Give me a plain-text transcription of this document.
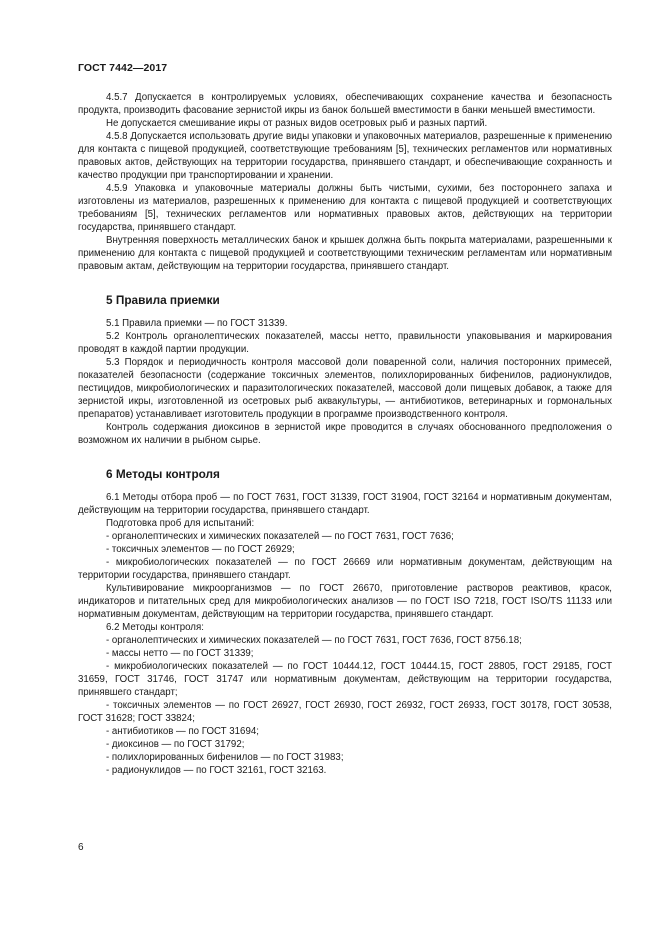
ГОСТ 7442—2017

4.5.7 Допускается в контролируемых условиях, обеспечивающих сохранение качества и безопасность продукта, производить фасование зернистой икры из банок большей вместимости в банки меньшей вместимости.

Не допускается смешивание икры от разных видов осетровых рыб и разных партий.

4.5.8 Допускается использовать другие виды упаковки и упаковочных материалов, разрешенные к применению для контакта с пищевой продукцией, соответствующие требованиям [5], технических регламентов или нормативных правовых актов, действующих на территории государства, принявшего стандарт, и обеспечивающие сохранность и качество продукции при транспортировании и хранении.

4.5.9 Упаковка и упаковочные материалы должны быть чистыми, сухими, без постороннего запаха и изготовлены из материалов, разрешенных к применению для контакта с пищевой продукцией и соответствующих требованиям [5], технических регламентов или нормативных правовых актов, действующих на территории государства, принявшего стандарт.

Внутренняя поверхность металлических банок и крышек должна быть покрыта материалами, разрешенными к применению для контакта с пищевой продукцией и соответствующими техническим регламентам или нормативным правовым актам, действующим на территории государства, принявшего стандарт.

5 Правила приемки

5.1 Правила приемки — по ГОСТ 31339.

5.2 Контроль органолептических показателей, массы нетто, правильности упаковывания и маркирования проводят в каждой партии продукции.

5.3 Порядок и периодичность контроля массовой доли поваренной соли, наличия посторонних примесей, показателей безопасности (содержание токсичных элементов, полихлорированных бифенилов, радионуклидов, пестицидов, микробиологических и паразитологических показателей, массовой доли пищевых добавок, а также для зернистой икры, изготовленной из осетровых рыб аквакультуры, — антибиотиков, ветеринарных и гормональных препаратов) устанавливает изготовитель продукции в программе производственного контроля.

Контроль содержания диоксинов в зернистой икре проводится в случаях обоснованного предположения о возможном их наличии в рыбном сырье.

6 Методы контроля

6.1 Методы отбора проб — по ГОСТ 7631, ГОСТ 31339, ГОСТ 31904, ГОСТ 32164 и нормативным документам, действующим на территории государства, принявшего стандарт.

Подготовка проб для испытаний:

- органолептических и химических показателей — по ГОСТ 7631, ГОСТ 7636;

- токсичных элементов — по ГОСТ 26929;

- микробиологических показателей — по ГОСТ 26669 или нормативным документам, действующим на территории государства, принявшего стандарт.

Культивирование микроорганизмов — по ГОСТ 26670, приготовление растворов реактивов, красок, индикаторов и питательных сред для микробиологических анализов — по ГОСТ ISO 7218, ГОСТ ISO/TS 11133 или нормативным документам, действующим на территории государства, принявшего стандарт.

6.2 Методы контроля:

- органолептических и химических показателей — по ГОСТ 7631, ГОСТ 7636, ГОСТ 8756.18;

- массы нетто — по ГОСТ 31339;

- микробиологических показателей — по ГОСТ 10444.12, ГОСТ 10444.15, ГОСТ 28805, ГОСТ 29185, ГОСТ 31659, ГОСТ 31746, ГОСТ 31747 или нормативным документам, действующим на территории государства, принявшего стандарт;

- токсичных элементов — по ГОСТ 26927, ГОСТ 26930, ГОСТ 26932, ГОСТ 26933, ГОСТ 30178, ГОСТ 30538, ГОСТ 31628; ГОСТ 33824;

- антибиотиков — по ГОСТ 31694;

- диоксинов — по ГОСТ 31792;

- полихлорированных бифенилов — по ГОСТ 31983;

- радионуклидов — по ГОСТ 32161, ГОСТ 32163.

6
